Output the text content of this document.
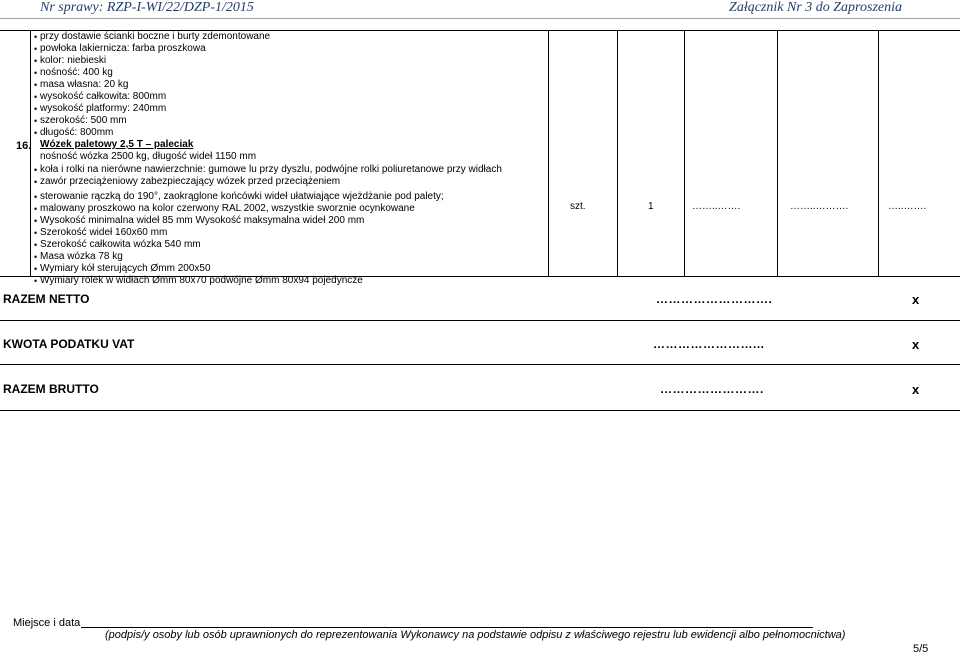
Nr sprawy: RZP-I-WI/22/DZP-1/2015	Załącznik Nr 3 do Zaproszenia
16.
• przy dostawie ścianki boczne i burty zdemontowane
• powłoka lakiernicza: farba proszkowa
• kolor: niebieski
• nośność: 400 kg
• masa własna: 20 kg
• wysokość całkowita: 800mm
• wysokość platformy: 240mm
• szerokość: 500 mm
• długość: 800mm
Wózek paletowy 2,5 T – paleciak
nośność wózka 2500 kg, długość wideł 1150 mm
• koła i rolki na nierówne nawierzchnie: gumowe lu przy dyszlu, podwójne rolki poliuretanowe przy widłach
• zawór przeciążeniowy zabezpieczający wózek przed przeciążeniem
• sterowanie rączką do 190°, zaokrąglone końcówki wideł ułatwiające wjeżdżanie pod palety;
• malowany proszkowo na kolor czerwony RAL 2002, wszystkie sworznie ocynkowane
• Wysokość minimalna wideł 85 mm Wysokość maksymalna wideł 200 mm
• Szerokość wideł 160x60 mm
• Szerokość całkowita wózka 540 mm
• Masa wózka 78 kg
• Wymiary kół sterujących Ømm 200x50
• Wymiary rolek w widłach Ømm 80x70 podwójne Ømm 80x94 pojedyncze
szt.	1	……..…….	……..……….	…..…….
RAZEM NETTO	……………………….	x
KWOTA PODATKU VAT	……………………...	x
RAZEM BRUTTO	…………………….	x
Miejsce i data
(podpis/y osoby lub osób uprawnionych do reprezentowania Wykonawcy na podstawie odpisu z właściwego rejestru lub ewidencji albo pełnomocnictwa)
5/5
